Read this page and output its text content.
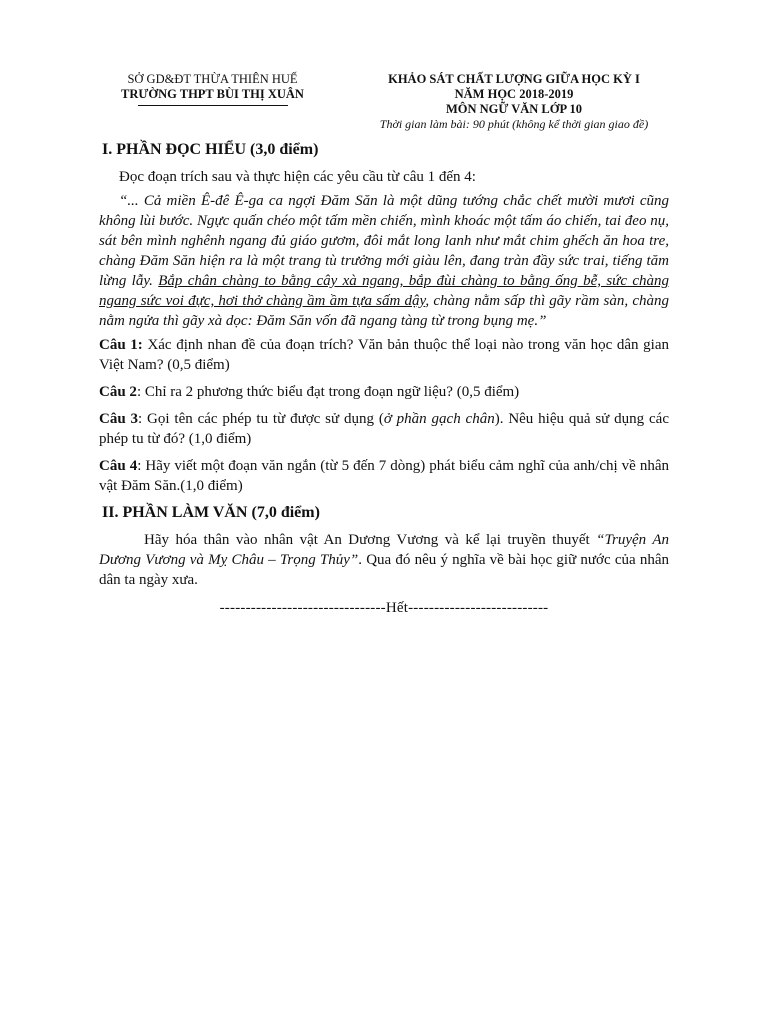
SỞ GD&ĐT THỪA THIÊN HUẾ
TRƯỜNG THPT BÙI THỊ XUÂN
KHẢO SÁT CHẤT LƯỢNG GIỮA HỌC KỲ I
NĂM HỌC 2018-2019
MÔN NGỮ VĂN LỚP 10
Thời gian làm bài: 90 phút (không kể thời gian giao đề)
I. PHẦN ĐỌC HIỂU (3,0 điểm)

Đọc đoạn trích sau và thực hiện các yêu cầu từ câu 1 đến 4:

“... Cả miền Ê-đê Ê-ga ca ngợi Đăm Săn là một dũng tướng chắc chết mười mươi cũng không lùi bước. Ngực quấn chéo một tấm mền chiến, mình khoác một tấm áo chiến, tai đeo nụ, sát bên mình nghênh ngang đủ giáo gươm, đôi mắt long lanh như mắt chim ghếch ăn hoa tre, chàng Đăm Săn hiện ra là một trang tù trưởng mới giàu lên, đang tràn đầy sức trai, tiếng tăm lừng lẫy. Bắp chân chàng to bằng cây xà ngang, bắp đùi chàng to bằng ống bễ, sức chàng ngang sức voi đực, hơi thở chàng ầm ầm tựa sấm dậy, chàng nằm sấp thì gãy rầm sàn, chàng nằm ngửa thì gãy xà dọc: Đăm Săn vốn đã ngang tàng từ trong bụng mẹ.”

Câu 1: Xác định nhan đề của đoạn trích? Văn bản thuộc thể loại nào trong văn học dân gian Việt Nam? (0,5 điểm)

Câu 2: Chỉ ra 2 phương thức biểu đạt trong đoạn ngữ liệu? (0,5 điểm)

Câu 3: Gọi tên các phép tu từ được sử dụng (ở phần gạch chân). Nêu hiệu quả sử dụng các phép tu từ đó? (1,0 điểm)

Câu 4: Hãy viết một đoạn văn ngắn (từ 5 đến 7 dòng) phát biểu cảm nghĩ của anh/chị về nhân vật Đăm Săn.(1,0 điểm)

II. PHẦN LÀM VĂN (7,0 điểm)

Hãy hóa thân vào nhân vật An Dương Vương và kể lại truyền thuyết “Truyện An Dương Vương và Mỵ Châu – Trọng Thủy”. Qua đó nêu ý nghĩa về bài học giữ nước của nhân dân ta ngày xưa.

--------------------------------Hết---------------------------
